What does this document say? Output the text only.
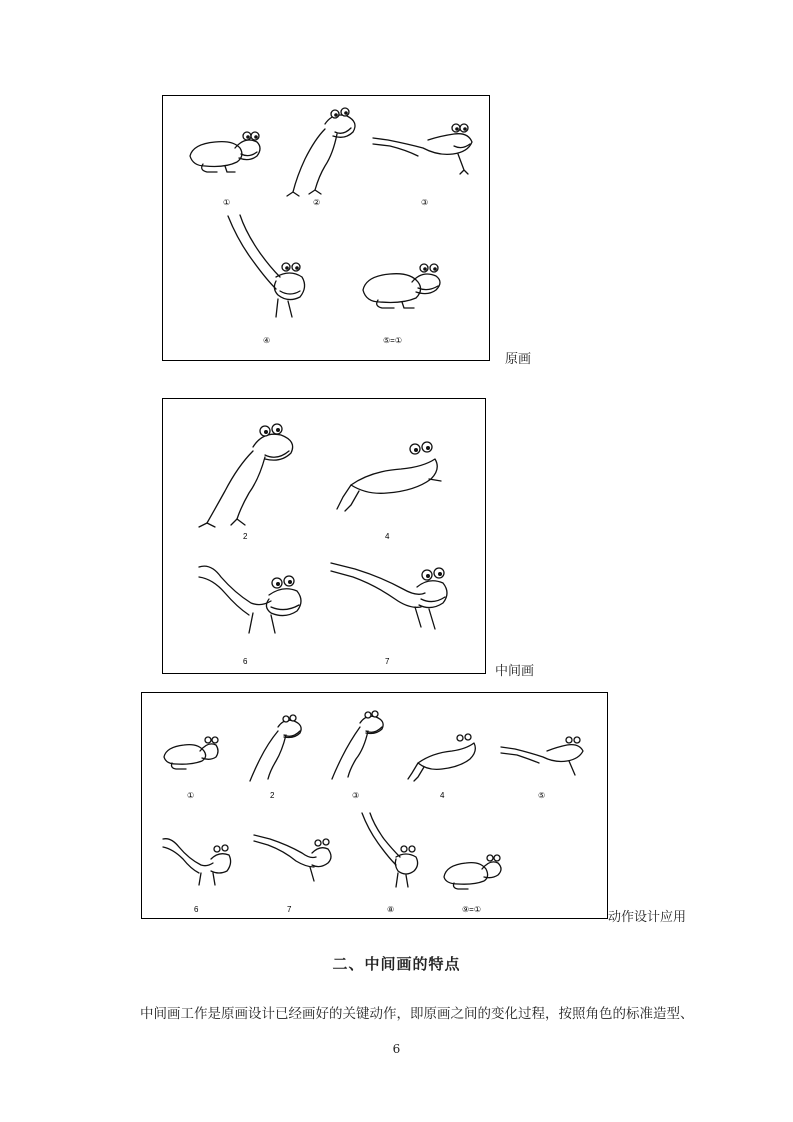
①	②	③
④	⑤=①
原画
2	4
6	7
中间画
①	2	③	4	⑤
6	7	⑧	⑨=①
动作设计应用
二、中间画的特点
中间画工作是原画设计已经画好的关键动作，即原画之间的变化过程，按照角色的标准造型、
6
